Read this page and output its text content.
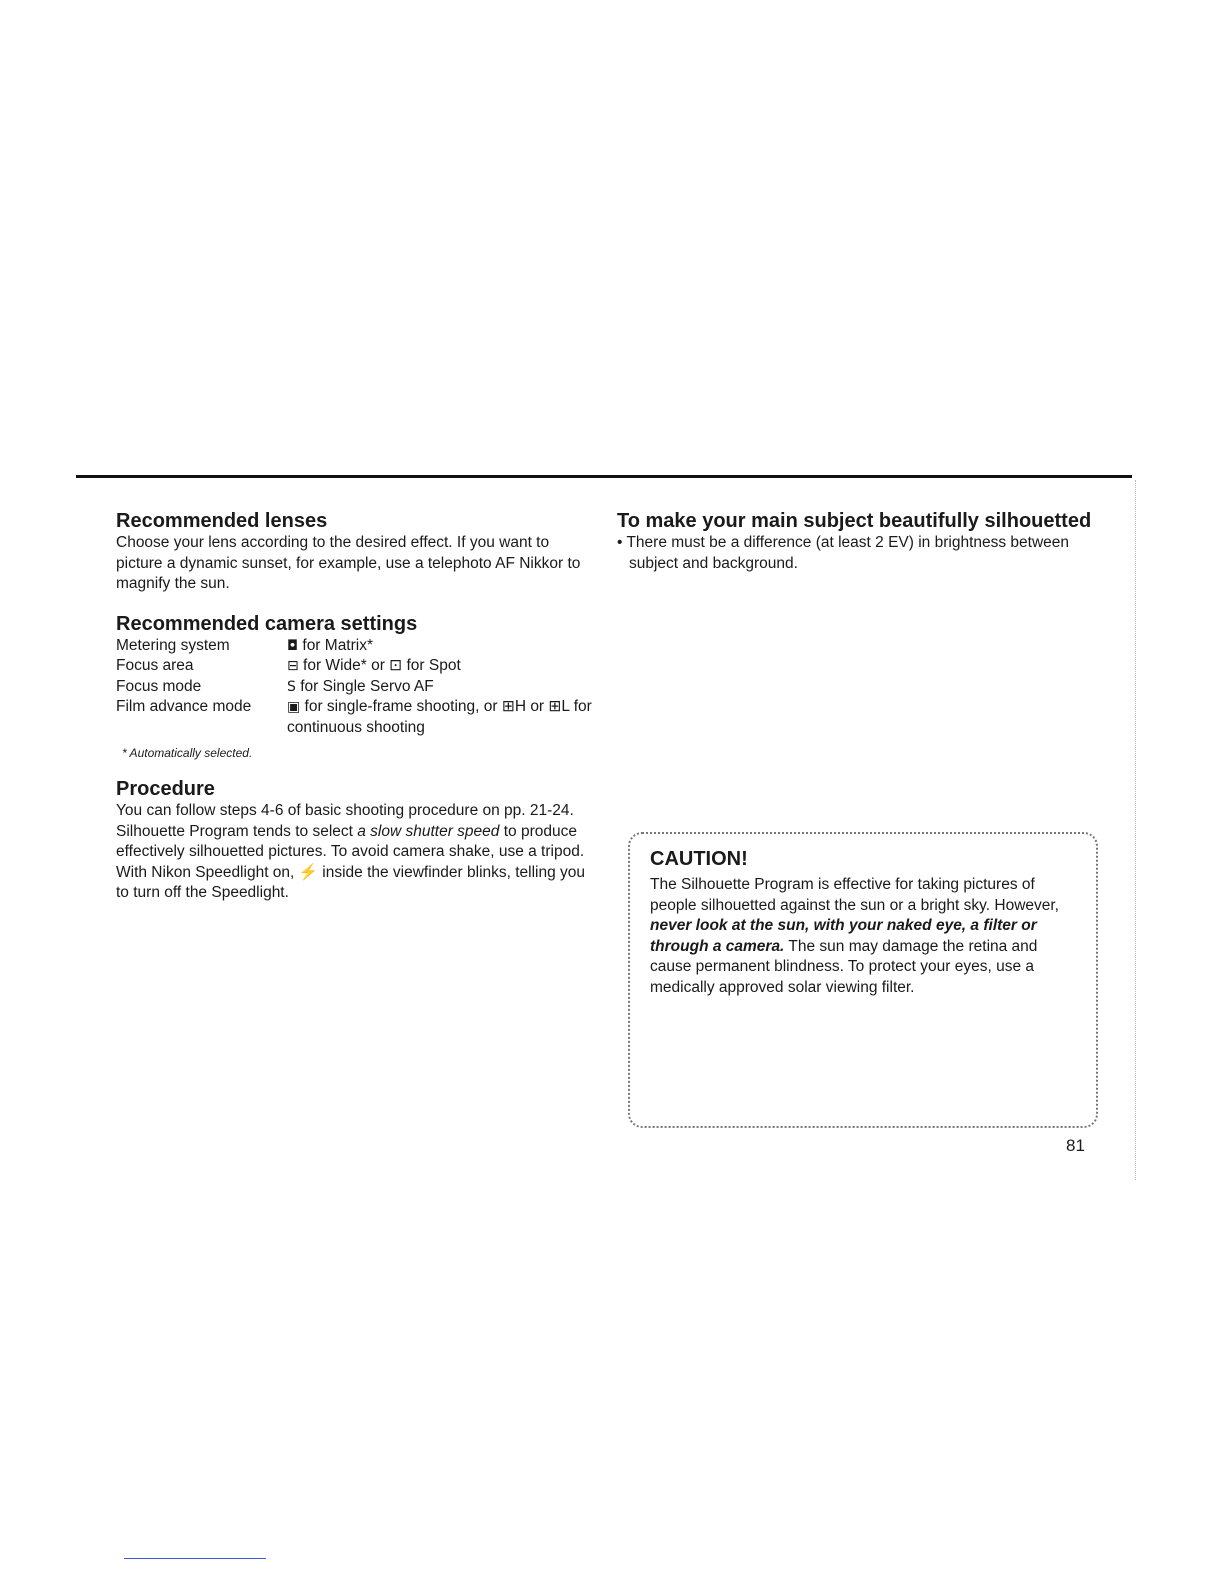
Recommended lenses

Choose your lens according to the desired effect. If you want to picture a dynamic sunset, for example, use a telephoto AF Nikkor to magnify the sun.

Recommended camera settings
Metering system	◘ for Matrix*
Focus area	⊟ for Wide* or ⊡ for Spot
Focus mode	S for Single Servo AF
Film advance mode	▣ for single-frame shooting, or ⊞H or ⊞L for continuous shooting
* Automatically selected.
Procedure

You can follow steps 4-6 of basic shooting procedure on pp. 21-24.

Silhouette Program tends to select a slow shutter speed to produce effectively silhouetted pictures. To avoid camera shake, use a tripod.

With Nikon Speedlight on, ⚡ inside the viewfinder blinks, telling you to turn off the Speedlight.

To make your main subject beautifully silhouetted
• There must be a difference (at least 2 EV) in brightness between subject and background.
CAUTION!

The Silhouette Program is effective for taking pictures of people silhouetted against the sun or a bright sky. However, never look at the sun, with your naked eye, a filter or through a camera. The sun may damage the retina and cause permanent blindness. To protect your eyes, use a medically approved solar viewing filter.

81
